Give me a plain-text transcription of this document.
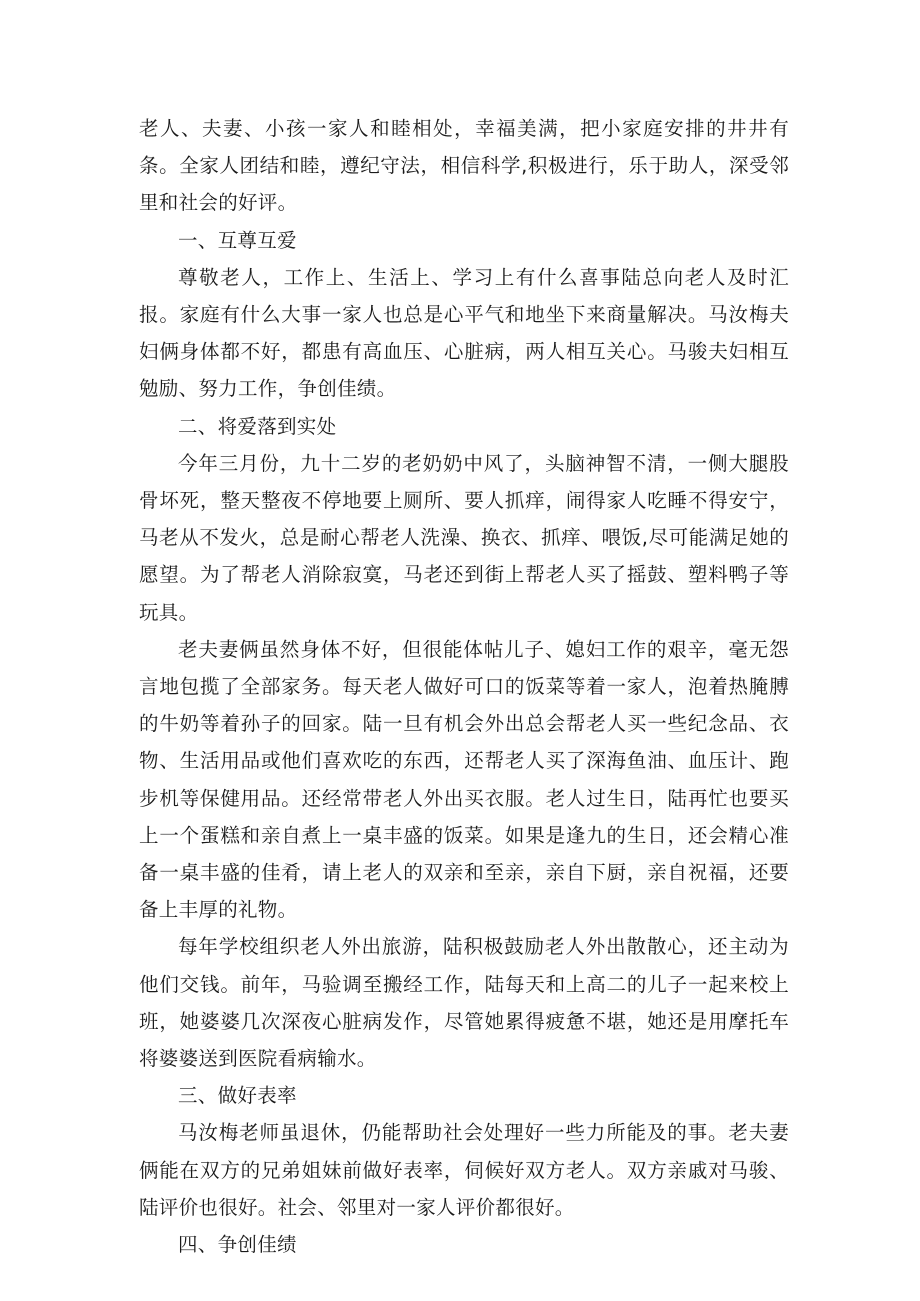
老人、夫妻、小孩一家人和睦相处，幸福美满，把小家庭安排的井井有条。全家人团结和睦，遵纪守法，相信科学,积极进行，乐于助人，深受邻里和社会的好评。

一、互尊互爱

尊敬老人，工作上、生活上、学习上有什么喜事陆总向老人及时汇报。家庭有什么大事一家人也总是心平气和地坐下来商量解决。马汝梅夫妇俩身体都不好，都患有高血压、心脏病，两人相互关心。马骏夫妇相互勉励、努力工作，争创佳绩。

二、将爱落到实处

今年三月份，九十二岁的老奶奶中风了，头脑神智不清，一侧大腿股骨坏死，整天整夜不停地要上厕所、要人抓痒，闹得家人吃睡不得安宁，马老从不发火，总是耐心帮老人洗澡、换衣、抓痒、喂饭,尽可能满足她的愿望。为了帮老人消除寂寞，马老还到街上帮老人买了摇鼓、塑料鸭子等玩具。

老夫妻俩虽然身体不好，但很能体帖儿子、媳妇工作的艰辛，毫无怨言地包揽了全部家务。每天老人做好可口的饭菜等着一家人，泡着热腌膊的牛奶等着孙子的回家。陆一旦有机会外出总会帮老人买一些纪念品、衣物、生活用品或他们喜欢吃的东西，还帮老人买了深海鱼油、血压计、跑步机等保健用品。还经常带老人外出买衣服。老人过生日，陆再忙也要买上一个蛋糕和亲自煮上一桌丰盛的饭菜。如果是逢九的生日，还会精心准备一桌丰盛的佳肴，请上老人的双亲和至亲，亲自下厨，亲自祝福，还要备上丰厚的礼物。

每年学校组织老人外出旅游，陆积极鼓励老人外出散散心，还主动为他们交钱。前年，马验调至搬经工作，陆每天和上高二的儿子一起来校上班，她婆婆几次深夜心脏病发作，尽管她累得疲惫不堪，她还是用摩托车将婆婆送到医院看病输水。

三、做好表率

马汝梅老师虽退休，仍能帮助社会处理好一些力所能及的事。老夫妻俩能在双方的兄弟姐妹前做好表率，伺候好双方老人。双方亲戚对马骏、陆评价也很好。社会、邻里对一家人评价都很好。

四、争创佳绩
